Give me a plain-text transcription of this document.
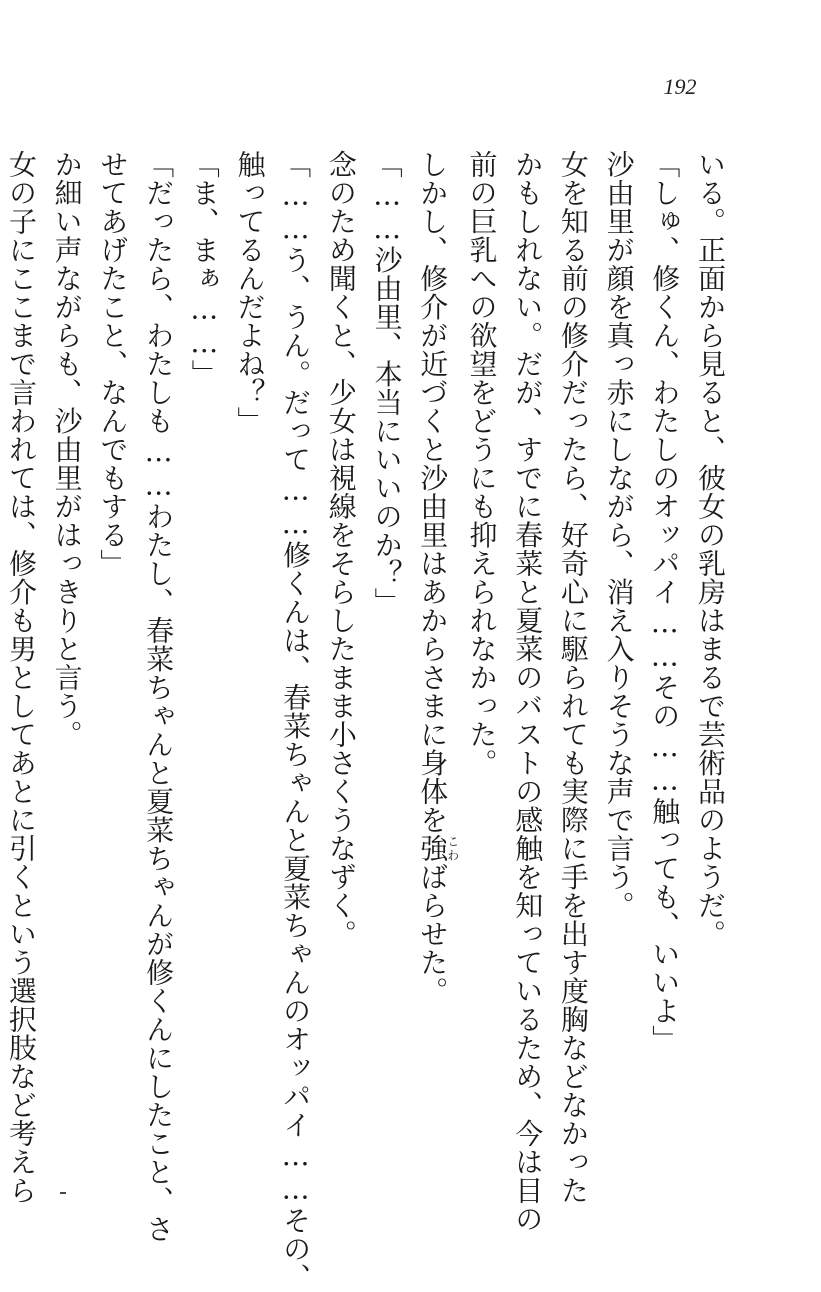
192
いる。正面から見ると、彼女の乳房はまるで芸術品のようだ。
「しゅ、修くん、わたしのオッパイ……その……触っても、いいよ」
沙由里が顔を真っ赤にしながら、消え入りそうな声で言う。
女を知る前の修介だったら、好奇心に駆られても実際に手を出す度胸などなかった
かもしれない。だが、すでに春菜と夏菜のバストの感触を知っているため、今は目の
前の巨乳への欲望をどうにも抑えられなかった。
しかし、修介が近づくと沙由里はあからさまに身体を強こわばらせた。
「……沙由里、本当にいいのか？」
念のため聞くと、少女は視線をそらしたまま小さくうなずく。
「……う、うん。だって……修くんは、春菜ちゃんと夏菜ちゃんのオッパイ……その、
触ってるんだよね？」
「ま、まぁ……」
「だったら、わたしも……わたし、春菜ちゃんと夏菜ちゃんが修くんにしたこと、さ
せてあげたこと、なんでもする」
か細い声ながらも、沙由里がはっきりと言う。
女の子にここまで言われては、修介も男としてあとに引くという選択肢など考えら
